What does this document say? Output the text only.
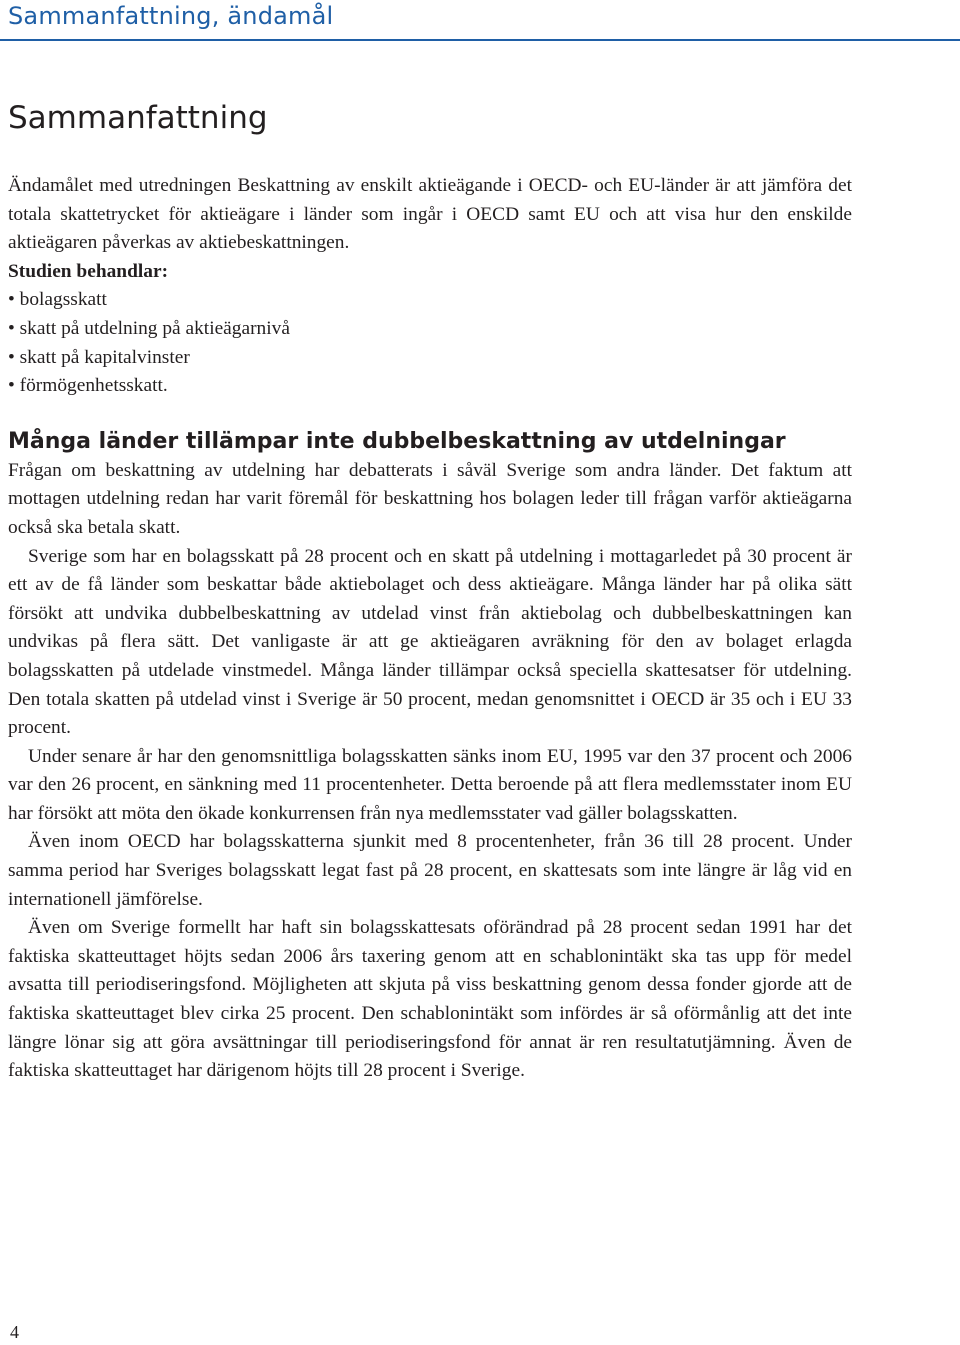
Sammanfattning, ändamål
Sammanfattning

Ändamålet med utredningen Beskattning av enskilt aktieägande i OECD- och EU-länder är att jämföra det totala skattetrycket för aktieägare i länder som ingår i OECD samt EU och att visa hur den enskilde aktieägaren påverkas av aktiebeskattningen.

Studien behandlar:
• bolagsskatt
• skatt på utdelning på aktieägarnivå
• skatt på kapitalvinster
• förmögenhetsskatt.
Många länder tillämpar inte dubbelbeskattning av utdelningar

Frågan om beskattning av utdelning har debatterats i såväl Sverige som andra länder. Det faktum att mottagen utdelning redan har varit föremål för beskattning hos bolagen leder till frågan varför aktieägarna också ska betala skatt.

Sverige som har en bolagsskatt på 28 procent och en skatt på utdelning i mottagarledet på 30 procent är ett av de få länder som beskattar både aktiebolaget och dess aktieägare. Många länder har på olika sätt försökt att undvika dubbelbeskattning av utdelad vinst från aktiebolag och dubbelbeskattningen kan undvikas på flera sätt. Det vanligaste är att ge aktieägaren avräkning för den av bolaget erlagda bolagsskatten på utdelade vinstmedel. Många länder tillämpar också speciella skattesatser för utdelning. Den totala skatten på utdelad vinst i Sverige är 50 procent, medan genomsnittet i OECD är 35 och i EU 33 procent.

Under senare år har den genomsnittliga bolagsskatten sänks inom EU, 1995 var den 37 procent och 2006 var den 26 procent, en sänkning med 11 procentenheter. Detta beroende på att flera medlemsstater inom EU har försökt att möta den ökade konkurrensen från nya medlemsstater vad gäller bolagsskatten.

Även inom OECD har bolagsskatterna sjunkit med 8 procentenheter, från 36 till 28 procent. Under samma period har Sveriges bolagsskatt legat fast på 28 procent, en skattesats som inte längre är låg vid en internationell jämförelse.

Även om Sverige formellt har haft sin bolagsskattesats oförändrad på 28 procent sedan 1991 har det faktiska skatteuttaget höjts sedan 2006 års taxering genom att en schablonintäkt ska tas upp för medel avsatta till periodiseringsfond. Möjligheten att skjuta på viss beskattning genom dessa fonder gjorde att de faktiska skatteuttaget blev cirka 25 procent. Den schablonintäkt som infördes är så oförmånlig att det inte längre lönar sig att göra avsättningar till periodiseringsfond för annat är ren resultatutjämning. Även de faktiska skatteuttaget har därigenom höjts till 28 procent i Sverige.

4
